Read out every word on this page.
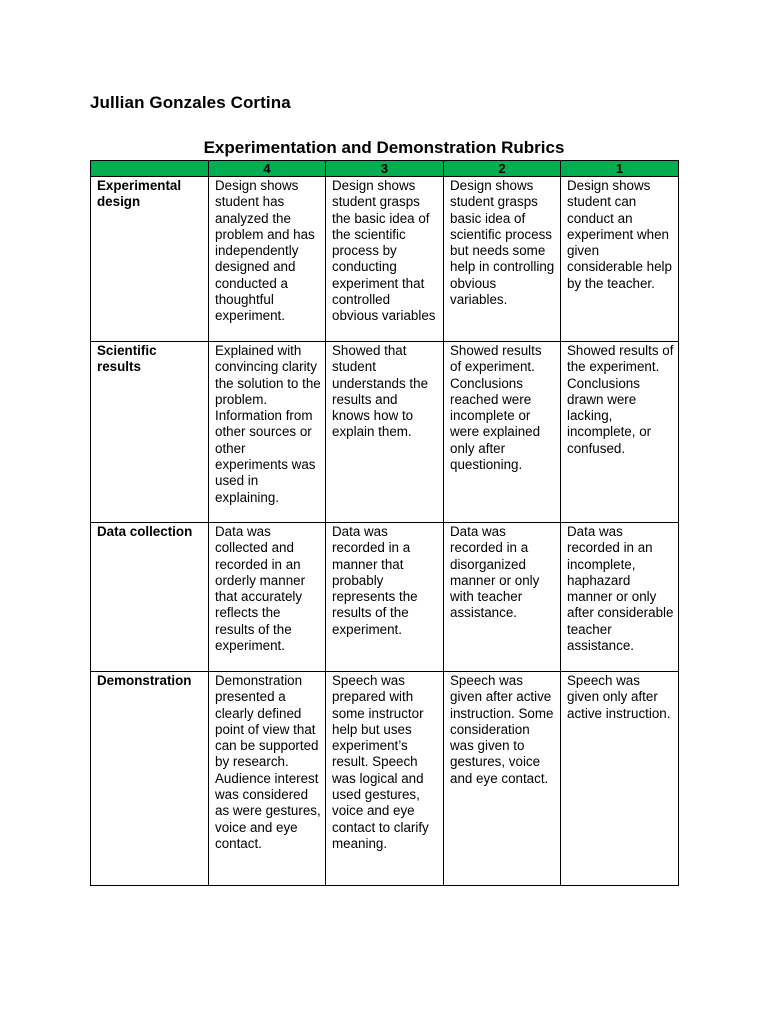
Jullian Gonzales Cortina
Experimentation and Demonstration Rubrics
	4	3	2	1
Experimental design	Design shows student has analyzed the problem and has independently designed and conducted a thoughtful experiment.	Design shows student grasps the basic idea of the scientific process by conducting experiment that controlled obvious variables	Design shows student grasps basic idea of scientific process but needs some help in controlling obvious variables.	Design shows student can conduct an experiment when given considerable help by the teacher.
Scientific results	Explained with convincing clarity the solution to the problem. Information from other sources or other experiments was used in explaining.	Showed that student understands the results and knows how to explain them.	Showed results of experiment. Conclusions reached were incomplete or were explained only after questioning.	Showed results of the experiment. Conclusions drawn were lacking, incomplete, or confused.
Data collection	Data was collected and recorded in an orderly manner that accurately reflects the results of the experiment.	Data was recorded in a manner that probably represents the results of the experiment.	Data was recorded in a disorganized manner or only with teacher assistance.	Data was recorded in an incomplete, haphazard manner or only after considerable teacher assistance.
Demonstration	Demonstration presented a clearly defined point of view that can be supported by research. Audience interest was considered as were gestures, voice and eye contact.	Speech was prepared with some instructor help but uses experiment’s result. Speech was logical and used gestures, voice and eye contact to clarify meaning.	Speech was given after active instruction. Some consideration was given to gestures, voice and eye contact.	Speech was given only after active instruction.
